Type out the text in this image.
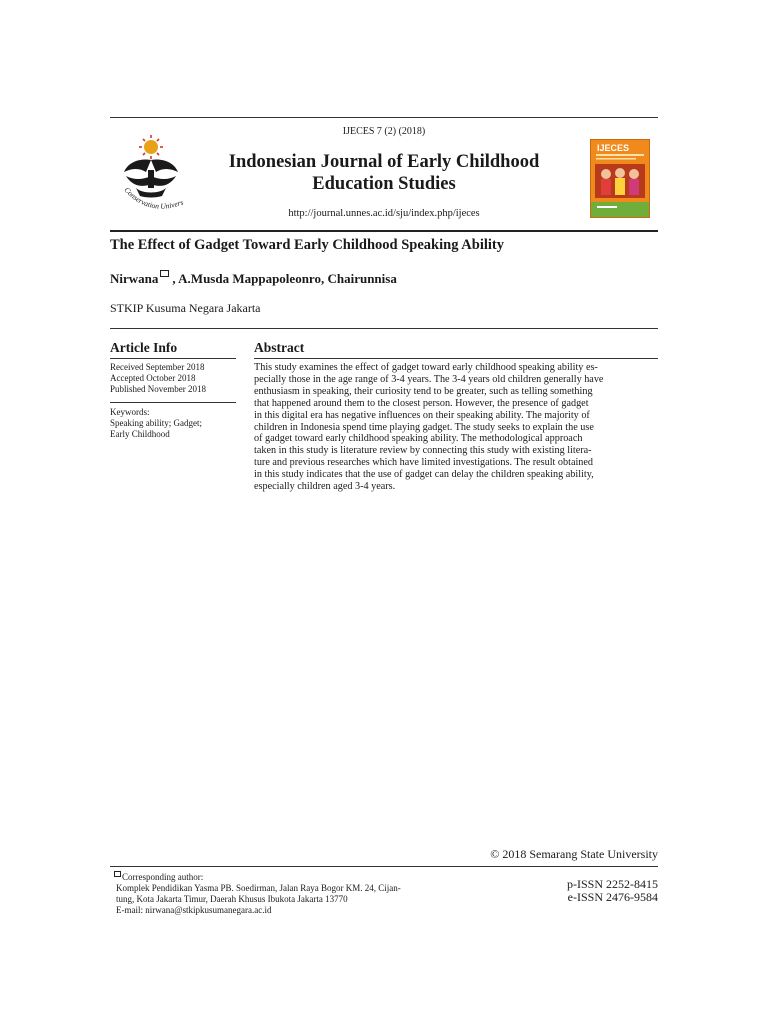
IJECES 7 (2) (2018)
Conservation Univers
Indonesian Journal of Early Childhood
Education Studies
http://journal.unnes.ac.id/sju/index.php/ijeces
IJECES
The Effect of Gadget Toward Early Childhood Speaking Ability
Nirwana , A.Musda Mappapoleonro, Chairunnisa
STKIP Kusuma Negara Jakarta
Article Info	Abstract
Received September 2018
Accepted October 2018
Published November 2018
Keywords:
Speaking ability; Gadget;
Early Childhood
This study examines the effect of gadget toward early childhood speaking ability es-
pecially those in the age range of 3-4 years. The 3-4 years old children generally have
enthusiasm in speaking, their curiosity tend to be greater, such as telling something
that happened around them to the closest person. However, the presence of gadget
in this digital era has negative influences on their speaking ability. The majority of
children in Indonesia spend time playing gadget. The study seeks to explain the use
of gadget toward early childhood speaking ability. The methodological approach
taken in this study is literature review by connecting this study with existing litera-
ture and previous researches which have limited investigations. The result obtained
in this study indicates that the use of gadget can delay the children speaking ability,
especially children aged 3-4 years.
© 2018 Semarang State University
Corresponding author:
Komplek Pendidikan Yasma PB. Soedirman, Jalan Raya Bogor KM. 24, Cijan-
tung, Kota Jakarta Timur, Daerah Khusus Ibukota Jakarta 13770
E-mail: nirwana@stkipkusumanegara.ac.id
p-ISSN 2252-8415
e-ISSN 2476-9584
